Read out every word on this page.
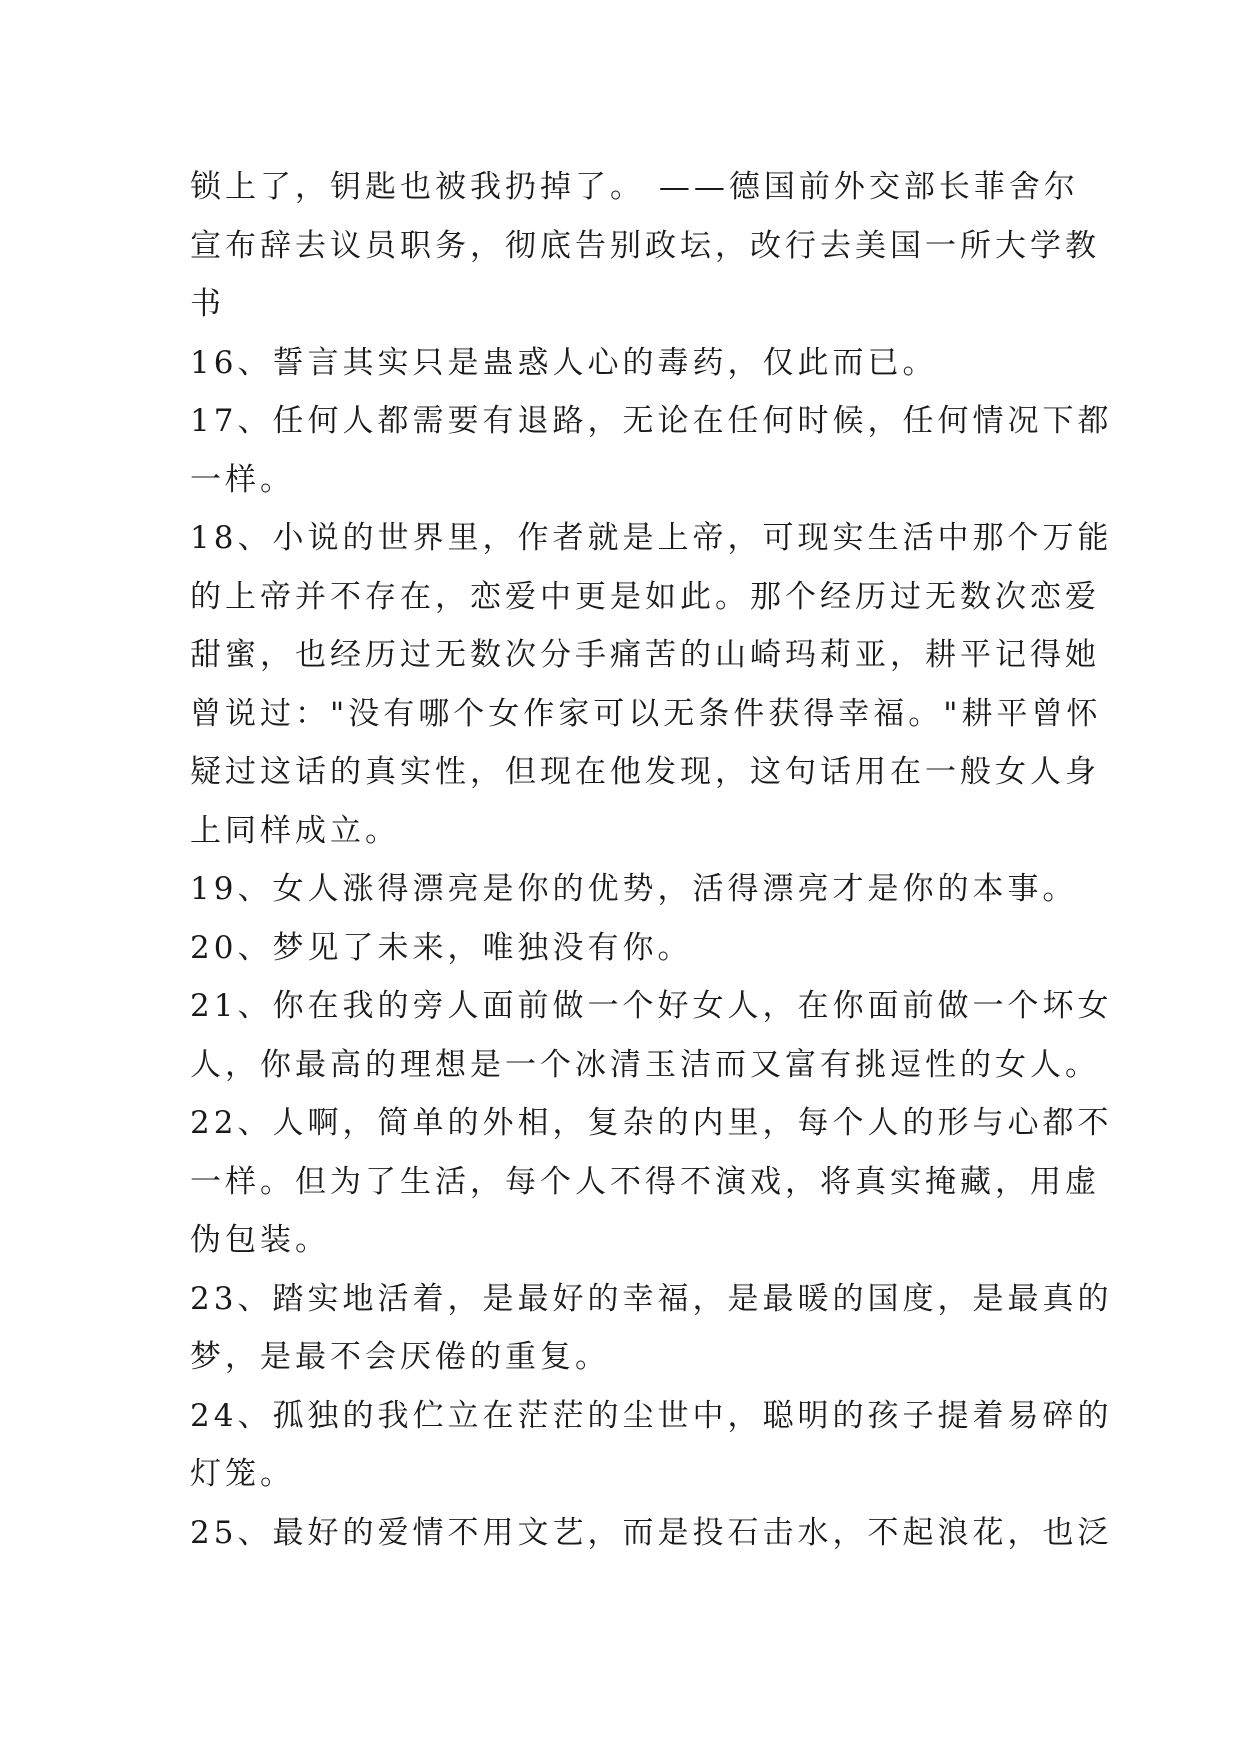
锁上了，钥匙也被我扔掉了。 ——德国前外交部长菲舍尔
宣布辞去议员职务，彻底告别政坛，改行去美国一所大学教
书
16、誓言其实只是蛊惑人心的毒药，仅此而已。
17、任何人都需要有退路，无论在任何时候，任何情况下都
一样。
18、小说的世界里，作者就是上帝，可现实生活中那个万能
的上帝并不存在，恋爱中更是如此。那个经历过无数次恋爱
甜蜜，也经历过无数次分手痛苦的山崎玛莉亚，耕平记得她
曾说过："没有哪个女作家可以无条件获得幸福。"耕平曾怀
疑过这话的真实性，但现在他发现，这句话用在一般女人身
上同样成立。
19、女人涨得漂亮是你的优势，活得漂亮才是你的本事。
20、梦见了未来，唯独没有你。
21、你在我的旁人面前做一个好女人，在你面前做一个坏女
人，你最高的理想是一个冰清玉洁而又富有挑逗性的女人。
22、人啊，简单的外相，复杂的内里，每个人的形与心都不
一样。但为了生活，每个人不得不演戏，将真实掩藏，用虚
伪包装。
23、踏实地活着，是最好的幸福，是最暖的国度，是最真的
梦，是最不会厌倦的重复。
24、孤独的我伫立在茫茫的尘世中，聪明的孩子提着易碎的
灯笼。
25、最好的爱情不用文艺，而是投石击水，不起浪花，也泛
